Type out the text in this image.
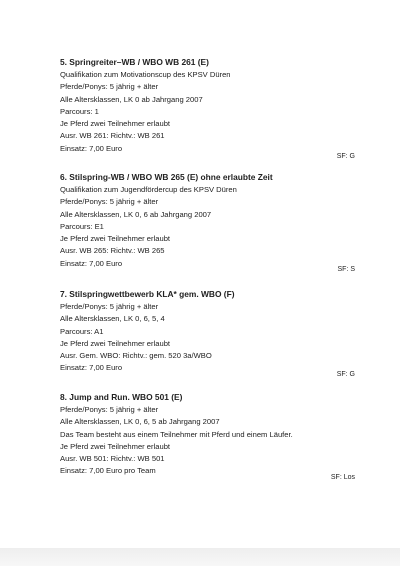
5. Springreiter–WB / WBO WB 261 (E)
Qualifikation zum Motivationscup des KPSV Düren
Pferde/Ponys: 5 jährig + älter
Alle Altersklassen, LK 0 ab Jahrgang 2007
Parcours: 1
Je Pferd zwei Teilnehmer erlaubt
Ausr. WB 261: Richtv.: WB 261
Einsatz: 7,00 Euro
SF: G
6. Stilspring-WB / WBO WB 265 (E) ohne erlaubte Zeit
Qualifikation zum Jugendfördercup des KPSV Düren
Pferde/Ponys: 5 jährig + älter
Alle Altersklassen, LK 0, 6 ab Jahrgang 2007
Parcours: E1
Je Pferd zwei Teilnehmer erlaubt
Ausr. WB 265: Richtv.: WB 265
Einsatz: 7,00 Euro
SF: S
7. Stilspringwettbewerb KLA* gem. WBO (F)
Pferde/Ponys: 5 jährig + älter
Alle Altersklassen, LK 0, 6, 5, 4
Parcours: A1
Je Pferd zwei Teilnehmer erlaubt
Ausr. Gem. WBO: Richtv.: gem. 520 3a/WBO
Einsatz: 7,00 Euro
SF: G
8. Jump and Run. WBO 501 (E)
Pferde/Ponys: 5 jährig + älter
Alle Altersklassen, LK 0, 6, 5 ab Jahrgang 2007
Das Team besteht aus einem Teilnehmer mit Pferd und einem Läufer.
Je Pferd zwei Teilnehmer erlaubt
Ausr. WB 501: Richtv.: WB 501
Einsatz: 7,00 Euro pro Team
SF: Los
